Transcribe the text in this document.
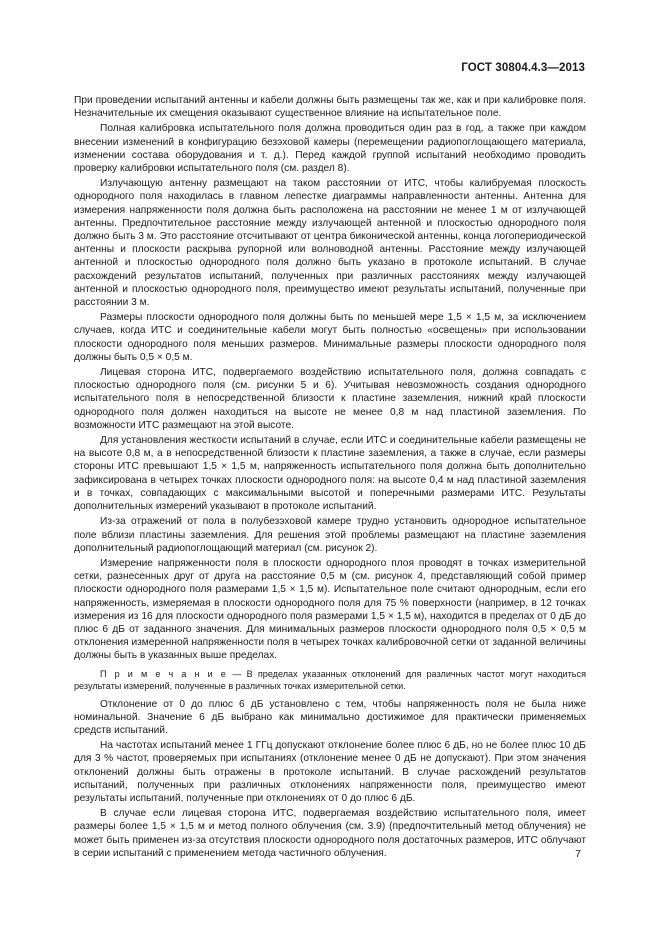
ГОСТ 30804.4.3—2013

При проведении испытаний антенны и кабели должны быть размещены так же, как и при калибровке поля. Незначительные их смещения оказывают существенное влияние на испытательное поле.

Полная калибровка испытательного поля должна проводиться один раз в год, а также при каждом внесении изменений в конфигурацию безэховой камеры (перемещении радиопоглощающего материала, изменении состава оборудования и т. д.). Перед каждой группой испытаний необходимо проводить проверку калибровки испытательного поля (см. раздел 8).

Излучающую антенну размещают на таком расстоянии от ИТС, чтобы калибруемая плоскость однородного поля находилась в главном лепестке диаграммы направленности антенны. Антенна для измерения напряженности поля должна быть расположена на расстоянии не менее 1 м от излучающей антенны. Предпочтительное расстояние между излучающей антенной и плоскостью однородного поля должно быть 3 м. Это расстояние отсчитывают от центра биконической антенны, конца логопериодической антенны и плоскости раскрыва рупорной или волноводной антенны. Расстояние между излучающей антенной и плоскостью однородного поля должно быть указано в протоколе испытаний. В случае расхождений результатов испытаний, полученных при различных расстояниях между излучающей антенной и плоскостью однородного поля, преимущество имеют результаты испытаний, полученные при расстоянии 3 м.

Размеры плоскости однородного поля должны быть по меньшей мере 1,5 × 1,5 м, за исключением случаев, когда ИТС и соединительные кабели могут быть полностью «освещены» при использовании плоскости однородного поля меньших размеров. Минимальные размеры плоскости однородного поля должны быть 0,5 × 0,5 м.

Лицевая сторона ИТС, подвергаемого воздействию испытательного поля, должна совпадать с плоскостью однородного поля (см. рисунки 5 и 6). Учитывая невозможность создания однородного испытательного поля в непосредственной близости к пластине заземления, нижний край плоскости однородного поля должен находиться на высоте не менее 0,8 м над пластиной заземления. По возможности ИТС размещают на этой высоте.

Для установления жесткости испытаний в случае, если ИТС и соединительные кабели размещены не на высоте 0,8 м, а в непосредственной близости к пластине заземления, а также в случае, если размеры стороны ИТС превышают 1,5 × 1,5 м, напряженность испытательного поля должна быть дополнительно зафиксирована в четырех точках плоскости однородного поля: на высоте 0,4 м над пластиной заземления и в точках, совпадающих с максимальными высотой и поперечными размерами ИТС. Результаты дополнительных измерений указывают в протоколе испытаний.

Из-за отражений от пола в полубезэховой камере трудно установить однородное испытательное поле вблизи пластины заземления. Для решения этой проблемы размещают на пластине заземления дополнительный радиопоглощающий материал (см. рисунок 2).

Измерение напряженности поля в плоскости однородного плоя проводят в точках измерительной сетки, разнесенных друг от друга на расстояние 0,5 м (см. рисунок 4, представляющий собой пример плоскости однородного поля размерами 1,5 × 1,5 м). Испытательное поле считают однородным, если его напряженность, измеряемая в плоскости однородного поля для 75 % поверхности (например, в 12 точках измерения из 16 для плоскости однородного поля размерами 1,5 × 1,5 м), находится в пределах от 0 дБ до плюс 6 дБ от заданного значения. Для минимальных размеров плоскости однородного поля 0,5 × 0,5 м отклонения измеренной напряженности поля в четырех точках калибровочной сетки от заданной величины должны быть в указанных выше пределах.

П р и м е ч а н и е — В пределах указанных отклонений для различных частот могут находиться результаты измерений, полученные в различных точках измерительной сетки.

Отклонение от 0 до плюс 6 дБ установлено с тем, чтобы напряженность поля не была ниже номинальной. Значение 6 дБ выбрано как минимально достижимое для практически применяемых средств испытаний.

На частотах испытаний менее 1 ГГц допускают отклонение более плюс 6 дБ, но не более плюс 10 дБ для 3 % частот, проверяемых при испытаниях (отклонение менее 0 дБ не допускают). При этом значения отклонений должны быть отражены в протоколе испытаний. В случае расхождений результатов испытаний, полученных при различных отклонениях напряженности поля, преимущество имеют результаты испытаний, полученные при отклонениях от 0 до плюс 6 дБ.

В случае если лицевая сторона ИТС, подвергаемая воздействию испытательного поля, имеет размеры более 1,5 × 1,5 м и метод полного облучения (см. 3.9) (предпочтительный метод облучения) не может быть применен из-за отсутствия плоскости однородного поля достаточных размеров, ИТС облучают в серии испытаний с применением метода частичного облучения.	7
